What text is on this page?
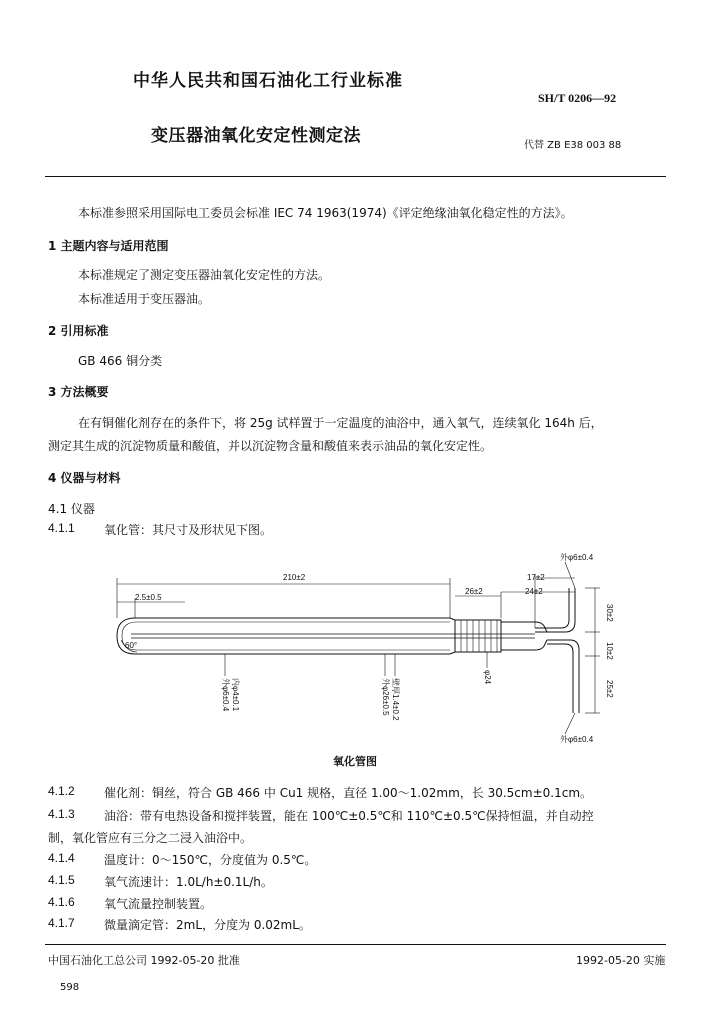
中华人民共和国石油化工行业标准
SH/T 0206—92
变压器油氧化安定性测定法	代替 ZB E38 003 88
本标准参照采用国际电工委员会标准 IEC 74 1963(1974)《评定绝缘油氧化稳定性的方法》。
1 主题内容与适用范围
本标准规定了测定变压器油氧化安定性的方法。
本标准适用于变压器油。
2 引用标准
GB 466 铜分类
3 方法概要
在有铜催化剂存在的条件下，将 25g 试样置于一定温度的油浴中，通入氧气，连续氧化 164h 后，
测定其生成的沉淀物质量和酸值，并以沉淀物含量和酸值来表示油品的氧化安定性。
4 仪器与材料
4.1 仪器
4.1.1 氧化管：其尺寸及形状见下图。
外φ6±0.4
17±2
210±2
2.5±0.5
26±2	24±2
60°
外φ6±0.4
30±2
10±2
25±2
外φ6±0.4 内φ4±0.1	外φ26±0.5 壁厚1.4±0.2
φ24
氧化管图
4.1.2 催化剂：铜丝，符合 GB 466 中 Cu1 规格，直径 1.00～1.02mm，长 30.5cm±0.1cm。
4.1.3 油浴：带有电热设备和搅拌装置，能在 100℃±0.5℃和 110℃±0.5℃保持恒温，并自动控
制，氧化管应有三分之二浸入油浴中。
4.1.4 温度计：0～150℃，分度值为 0.5℃。
4.1.5 氧气流速计：1.0L/h±0.1L/h。
4.1.6 氧气流量控制装置。
4.1.7 微量滴定管：2mL，分度为 0.02mL。
中国石油化工总公司 1992-05-20 批准	1992-05-20 实施
598
